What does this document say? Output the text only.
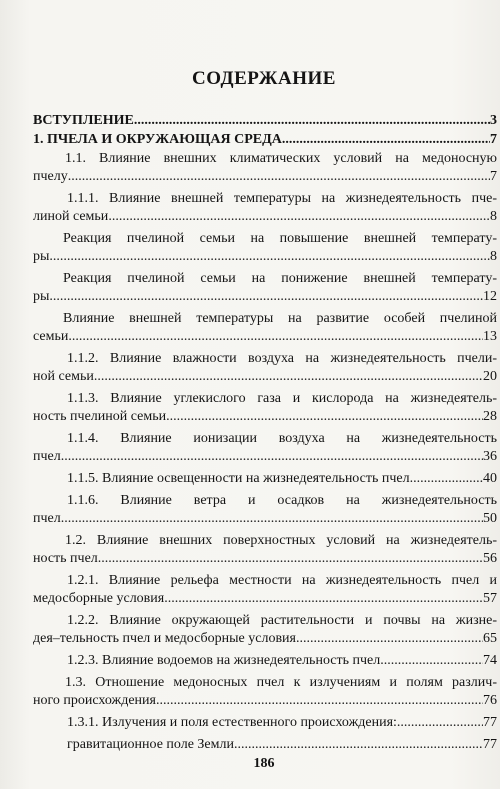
СОДЕРЖАНИЕ
ВСТУПЛЕНИЕ .....	3
1. ПЧЕЛА И ОКРУЖАЮЩАЯ СРЕДА .....	7
1.1. Влияние внешних климатических условий на медоносную
пчелу .....	7
1.1.1. Влияние внешней температуры на жизнедеятельность пче-
линой семьи .....	8
Реакция пчелиной семьи на повышение внешней температу-
ры .....	8
Реакция пчелиной семьи на понижение внешней температу-
ры .....	12
Влияние внешней температуры на развитие особей пчелиной
семьи .....	13
1.1.2. Влияние влажности воздуха на жизнедеятельность пчели-
ной семьи .....	20
1.1.3. Влияние углекислого газа и кислорода на жизнедеятель-
ность пчелиной семьи .....	28
1.1.4. Влияние ионизации воздуха на жизнедеятельность
пчел .....	36
1.1.5. Влияние освещенности на жизнедеятельность пчел .....	40
1.1.6. Влияние ветра и осадков на жизнедеятельность
пчел .....	50
1.2. Влияние внешних поверхностных условий на жизнедеятель-
ность пчел .....	56
1.2.1. Влияние рельефа местности на жизнедеятельность пчел и
медосборные условия .....	57
1.2.2. Влияние окружающей растительности и почвы на жизне-
дея–тельность пчел и медосборные условия .....	65
1.2.3. Влияние водоемов на жизнедеятельность пчел .....	74
1.3. Отношение медоносных пчел к излучениям и полям различ-
ного происхождения .....	76
1.3.1. Излучения и поля естественного происхождения: .....	77
гравитационное поле Земли .....	77
186
